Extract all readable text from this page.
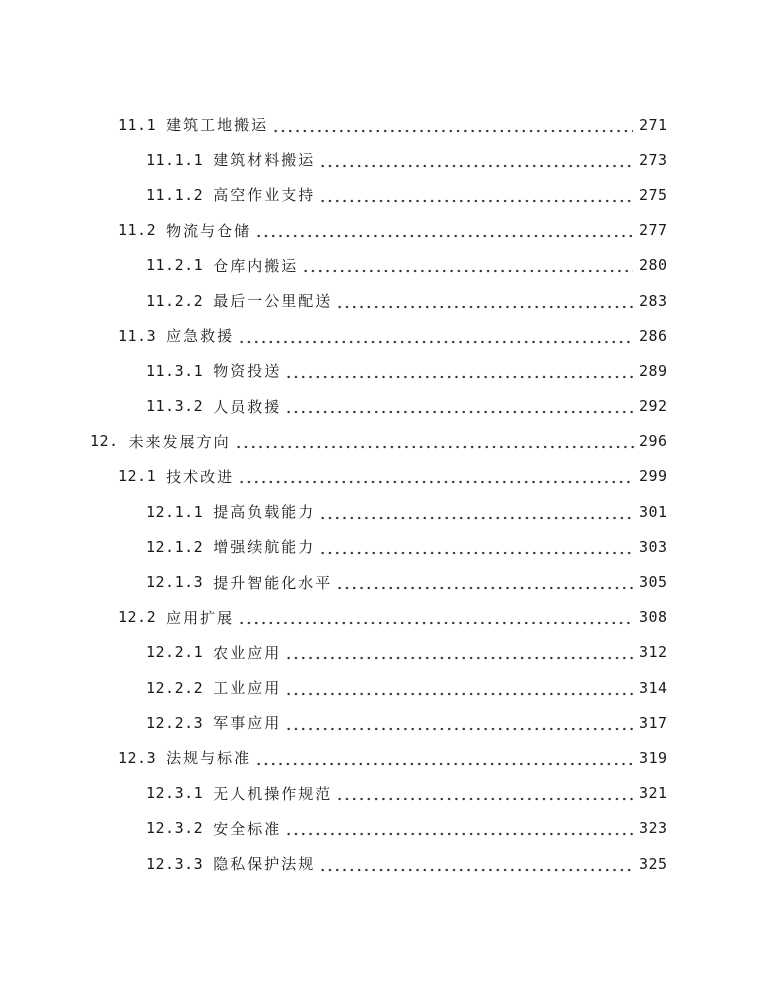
11.1 建筑工地搬运	271
11.1.1 建筑材料搬运	273
11.1.2 高空作业支持	275
11.2 物流与仓储	277
11.2.1 仓库内搬运	280
11.2.2 最后一公里配送	283
11.3 应急救援	286
11.3.1 物资投送	289
11.3.2 人员救援	292
12. 未来发展方向	296
12.1 技术改进	299
12.1.1 提高负载能力	301
12.1.2 增强续航能力	303
12.1.3 提升智能化水平	305
12.2 应用扩展	308
12.2.1 农业应用	312
12.2.2 工业应用	314
12.2.3 军事应用	317
12.3 法规与标准	319
12.3.1 无人机操作规范	321
12.3.2 安全标准	323
12.3.3 隐私保护法规	325
